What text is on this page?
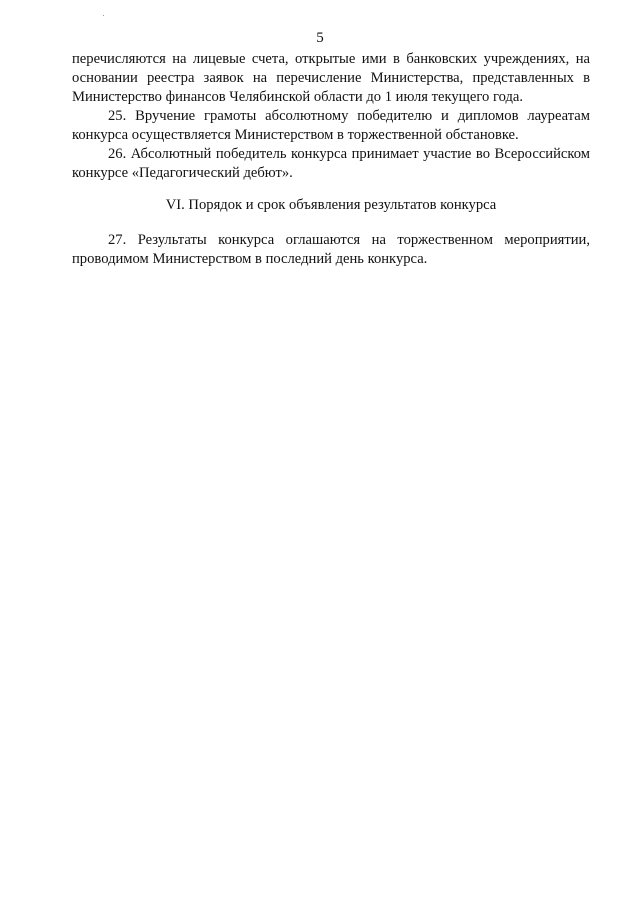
5

перечисляются на лицевые счета, открытые ими в банковских учреждениях, на основании реестра заявок на перечисление Министерства, представленных в Министерство финансов Челябинской области до 1 июля текущего года.

25. Вручение грамоты абсолютному победителю и дипломов лауреатам конкурса осуществляется Министерством в торжественной обстановке.

26. Абсолютный победитель конкурса принимает участие во Всероссийском конкурсе «Педагогический дебют».

VI. Порядок и срок объявления результатов конкурса

27. Результаты конкурса оглашаются на торжественном мероприятии, проводимом Министерством в последний день конкурса.
